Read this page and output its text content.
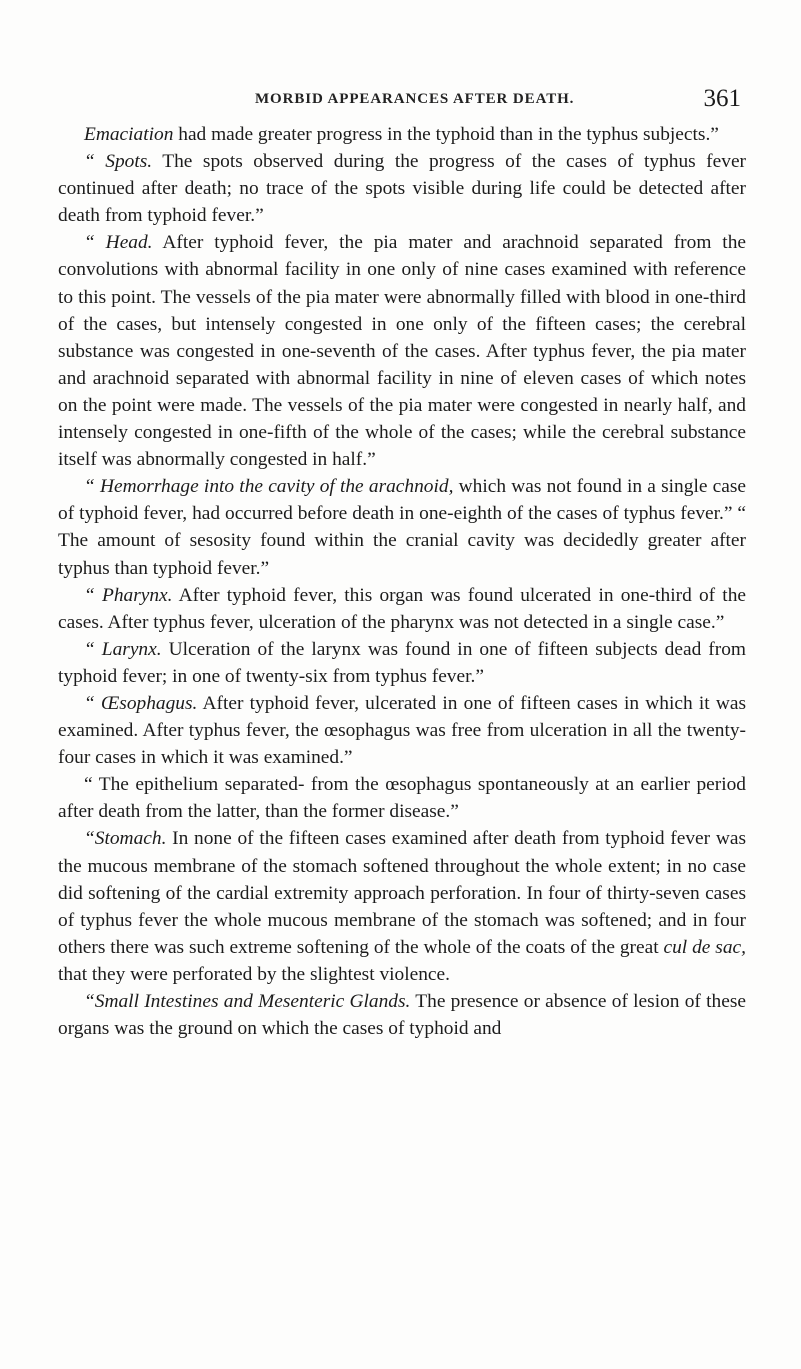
MORBID APPEARANCES AFTER DEATH.	361

Emaciation had made greater progress in the typhoid than in the typhus subjects.”

“ Spots. The spots observed during the progress of the cases of typhus fever continued after death; no trace of the spots visible during life could be detected after death from typhoid fever.”

“ Head. After typhoid fever, the pia mater and arachnoid separated from the convolutions with abnormal facility in one only of nine cases examined with reference to this point. The vessels of the pia mater were abnormally filled with blood in one-third of the cases, but intensely congested in one only of the fifteen cases; the cerebral substance was congested in one-seventh of the cases. After typhus fever, the pia mater and arachnoid separated with abnormal facility in nine of eleven cases of which notes on the point were made. The vessels of the pia mater were congested in nearly half, and intensely congested in one-fifth of the whole of the cases; while the cerebral substance itself was abnormally congested in half.”

“ Hemorrhage into the cavity of the arachnoid, which was not found in a single case of typhoid fever, had occurred before death in one-eighth of the cases of typhus fever.” “ The amount of sesosity found within the cranial cavity was decidedly greater after typhus than typhoid fever.”

“ Pharynx. After typhoid fever, this organ was found ulcerated in one-third of the cases. After typhus fever, ulceration of the pharynx was not detected in a single case.”

“ Larynx. Ulceration of the larynx was found in one of fifteen subjects dead from typhoid fever; in one of twenty-six from typhus fever.”

“ Œsophagus. After typhoid fever, ulcerated in one of fifteen cases in which it was examined. After typhus fever, the œsophagus was free from ulceration in all the twenty-four cases in which it was examined.”

“ The epithelium separated- from the œsophagus spontaneously at an earlier period after death from the latter, than the former disease.”

“Stomach. In none of the fifteen cases examined after death from typhoid fever was the mucous membrane of the stomach softened throughout the whole extent; in no case did softening of the cardial extremity approach perforation. In four of thirty-seven cases of typhus fever the whole mucous membrane of the stomach was softened; and in four others there was such extreme softening of the whole of the coats of the great cul de sac, that they were perforated by the slightest violence.

“Small Intestines and Mesenteric Glands. The presence or absence of lesion of these organs was the ground on which the cases of typhoid and
